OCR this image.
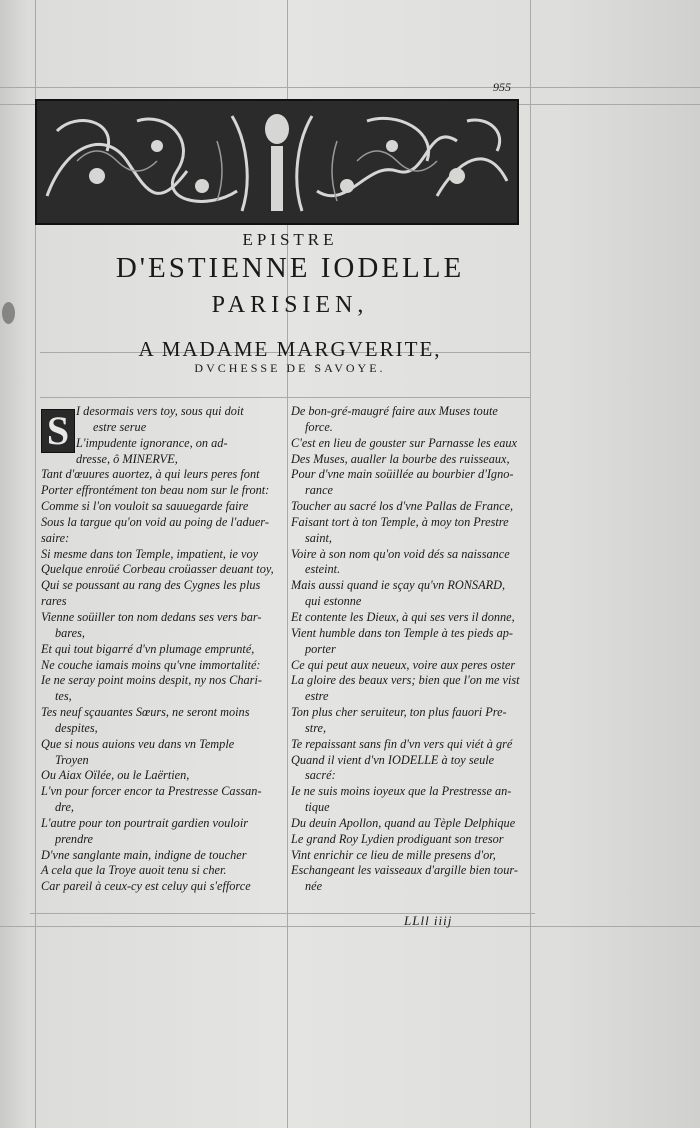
955
EPISTRE
D'ESTIENNE IODELLE
PARISIEN,
A MADAME MARGVERITE,
DVCHESSE DE SAVOYE.
S I desormais vers toy, sous qui doit
estre serue
L'impudente ignorance, on ad-
dresse, ô MINERVE,
Tant d'œuures auortez, à qui leurs peres font
Porter effrontément ton beau nom sur le front:
Comme si l'on vouloit sa sauuegarde faire
Sous la targue qu'on void au poing de l'aduer-
saire:
Si mesme dans ton Temple, impatient, ie voy
Quelque enroüé Corbeau croüasser deuant toy,
Qui se poussant au rang des Cygnes les plus
rares
Vienne soüiller ton nom dedans ses vers bar-
bares,
Et qui tout bigarré d'vn plumage emprunté,
Ne couche iamais moins qu'vne immortalité:
Ie ne seray point moins despit, ny nos Chari-
tes,
Tes neuf sçauantes Sœurs, ne seront moins
despites,
Que si nous auions veu dans vn Temple
Troyen
Ou Aiax Oïlée, ou le Laërtien,
L'vn pour forcer encor ta Prestresse Cassan-
dre,
L'autre pour ton pourtrait gardien vouloir
prendre
D'vne sanglante main, indigne de toucher
A cela que la Troye auoit tenu si cher.
Car pareil à ceux-cy est celuy qui s'efforce
De bon-gré-maugré faire aux Muses toute
force.
C'est en lieu de gouster sur Parnasse les eaux
Des Muses, aualler la bourbe des ruisseaux,
Pour d'vne main soüillée au bourbier d'Igno-
rance
Toucher au sacré los d'vne Pallas de France,
Faisant tort à ton Temple, à moy ton Prestre
saint,
Voire à son nom qu'on void dés sa naissance
esteint.
Mais aussi quand ie sçay qu'vn RONSARD,
qui estonne
Et contente les Dieux, à qui ses vers il donne,
Vient humble dans ton Temple à tes pieds ap-
porter
Ce qui peut aux neueux, voire aux peres oster
La gloire des beaux vers; bien que l'on me vist
estre
Ton plus cher seruiteur, ton plus fauori Pre-
stre,
Te repaissant sans fin d'vn vers qui viét à gré
Quand il vient d'vn IODELLE à toy seule
sacré:
Ie ne suis moins ioyeux que la Prestresse an-
tique
Du deuin Apollon, quand au Tèple Delphique
Le grand Roy Lydien prodiguant son tresor
Vint enrichir ce lieu de mille presens d'or,
Eschangeant les vaisseaux d'argille bien tour-
née
LLll iiij
